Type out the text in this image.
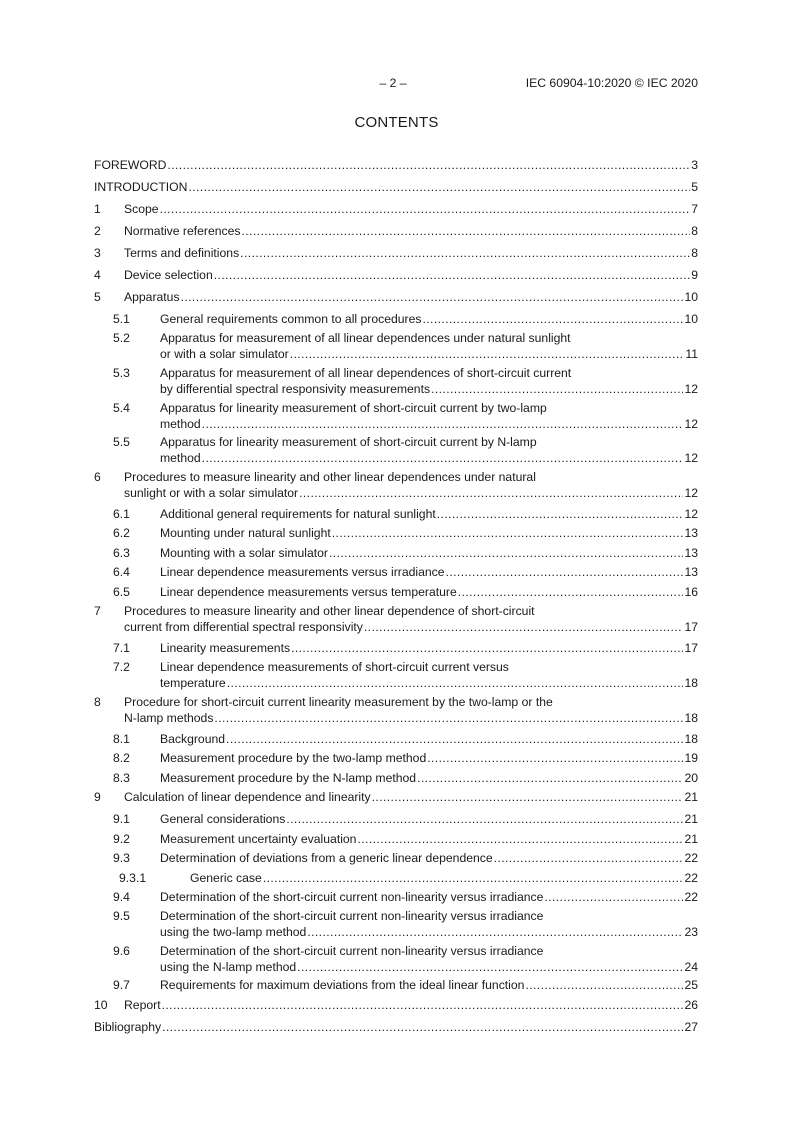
– 2 –	IEC 60904-10:2020 © IEC 2020
CONTENTS
FOREWORD .....	3
INTRODUCTION .....	5
1 Scope .....	7
2 Normative references .....	8
3 Terms and definitions .....	8
4 Device selection .....	9
5 Apparatus .....	10
5.1 General requirements common to all procedures .....	10
5.2 Apparatus for measurement of all linear dependences under natural sunlight
or with a solar simulator .....	11
5.3 Apparatus for measurement of all linear dependences of short-circuit current
by differential spectral responsivity measurements .....	12
5.4 Apparatus for linearity measurement of short-circuit current by two-lamp
method .....	12
5.5 Apparatus for linearity measurement of short-circuit current by N-lamp
method .....	12
6 Procedures to measure linearity and other linear dependences under natural
sunlight or with a solar simulator .....	12
6.1 Additional general requirements for natural sunlight .....	12
6.2 Mounting under natural sunlight .....	13
6.3 Mounting with a solar simulator .....	13
6.4 Linear dependence measurements versus irradiance .....	13
6.5 Linear dependence measurements versus temperature .....	16
7 Procedures to measure linearity and other linear dependence of short-circuit
current from differential spectral responsivity .....	17
7.1 Linearity measurements .....	17
7.2 Linear dependence measurements of short-circuit current versus
temperature .....	18
8 Procedure for short-circuit current linearity measurement by the two-lamp or the
N-lamp methods .....	18
8.1 Background .....	18
8.2 Measurement procedure by the two-lamp method .....	19
8.3 Measurement procedure by the N-lamp method .....	20
9 Calculation of linear dependence and linearity .....	21
9.1 General considerations .....	21
9.2 Measurement uncertainty evaluation .....	21
9.3 Determination of deviations from a generic linear dependence .....	22
9.3.1	Generic case .....	22
9.4 Determination of the short-circuit current non-linearity versus irradiance .....	22
9.5 Determination of the short-circuit current non-linearity versus irradiance
using the two-lamp method .....	23
9.6 Determination of the short-circuit current non-linearity versus irradiance
using the N-lamp method .....	24
9.7 Requirements for maximum deviations from the ideal linear function .....	25
10 Report .....	26
Bibliography .....	27
